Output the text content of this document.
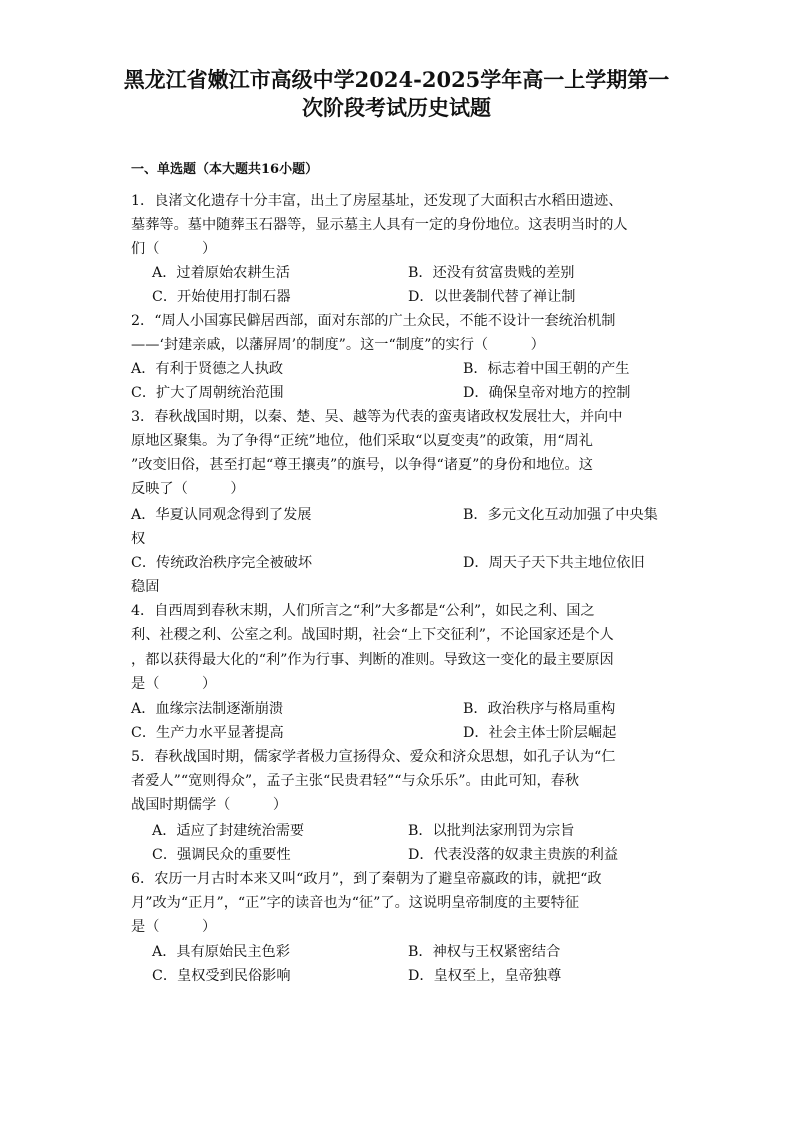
黑龙江省嫩江市高级中学2024-2025学年高一上学期第一
次阶段考试历史试题
一、单选题（本大题共16小题）
1．良渚文化遗存十分丰富，出土了房屋基址，还发现了大面积古水稻田遗迹、
墓葬等。墓中随葬玉石器等，显示墓主人具有一定的身份地位。这表明当时的人
们（　　　）
A．过着原始农耕生活	B．还没有贫富贵贱的差别
C．开始使用打制石器	D．以世袭制代替了禅让制
2．“周人小国寡民僻居西部，面对东部的广土众民，不能不设计一套统治机制
——‘封建亲戚，以藩屏周’的制度”。这一“制度”的实行（　　　）
A．有利于贤德之人执政	B．标志着中国王朝的产生
C．扩大了周朝统治范围	D．确保皇帝对地方的控制
3．春秋战国时期，以秦、楚、吴、越等为代表的蛮夷诸政权发展壮大，并向中
原地区聚集。为了争得“正统”地位，他们采取“以夏变夷”的政策，用“周礼
”改变旧俗，甚至打起“尊王攘夷”的旗号，以争得“诸夏”的身份和地位。这
反映了（　　　）
A．华夏认同观念得到了发展	B．多元文化互动加强了中央集
权
C．传统政治秩序完全被破坏	D．周天子天下共主地位依旧
稳固
4．自西周到春秋末期，人们所言之“利”大多都是“公利”，如民之利、国之
利、社稷之利、公室之利。战国时期，社会“上下交征利”，不论国家还是个人
，都以获得最大化的“利”作为行事、判断的准则。导致这一变化的最主要原因
是（　　　）
A．血缘宗法制逐渐崩溃	B．政治秩序与格局重构
C．生产力水平显著提高	D．社会主体士阶层崛起
5．春秋战国时期，儒家学者极力宣扬得众、爱众和济众思想，如孔子认为“仁
者爱人”“宽则得众”，孟子主张“民贵君轻”“与众乐乐”。由此可知，春秋
战国时期儒学（　　　）
A．适应了封建统治需要	B．以批判法家刑罚为宗旨
C．强调民众的重要性	D．代表没落的奴隶主贵族的利益
6．农历一月古时本来又叫“政月”，到了秦朝为了避皇帝嬴政的讳，就把“政
月”改为“正月”，“正”字的读音也为“征”了。这说明皇帝制度的主要特征
是（　　　）
A．具有原始民主色彩	B．神权与王权紧密结合
C．皇权受到民俗影响	D．皇权至上，皇帝独尊
